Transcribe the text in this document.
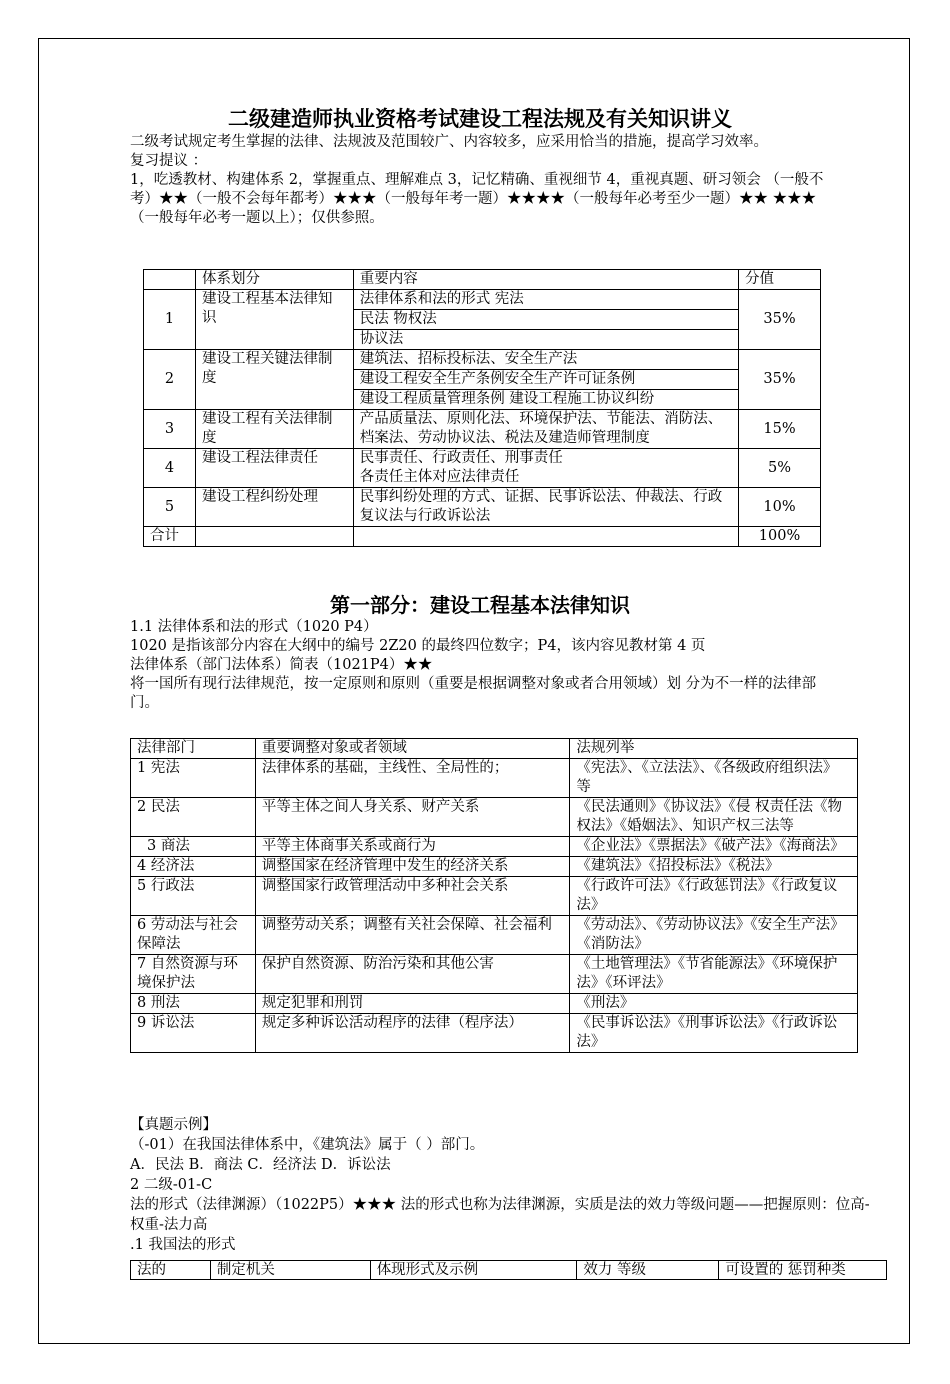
二级建造师执业资格考试建设工程法规及有关知识讲义

二级考试规定考生掌握的法律、法规波及范围较广、内容较多，应采用恰当的措施，提高学习效率。

复习提议 ：

1，吃透教材、构建体系 2，掌握重点、理解难点 3，记忆精确、重视细节 4，重视真题、研习领会 （一般不考）★★（一般不会每年都考）★★★（一般每年考一题）★★★★（一般每年必考至少一题）★★ ★★★（一般每年必考一题以上）；仅供参照。

	体系划分	重要内容	分值
1	建设工程基本法律知识	法律体系和法的形式 宪法
民法 物权法
协议法	35%
2	建设工程关键法律制度	建筑法、招标投标法、安全生产法
建设工程安全生产条例安全生产许可证条例
建设工程质量管理条例 建设工程施工协议纠纷	35%
3	建设工程有关法律制度	产品质量法、原则化法、环境保护法、节能法、消防法、档案法、劳动协议法、税法及建造师管理制度	15%
4	建设工程法律责任	民事责任、行政责任、刑事责任
各责任主体对应法律责任	5%
5	建设工程纠纷处理	民事纠纷处理的方式、证据、民事诉讼法、仲裁法、行政复议法与行政诉讼法	10%
合计			100%

第一部分：建设工程基本法律知识

1.1 法律体系和法的形式（1020 P4）

1020 是指该部分内容在大纲中的编号 2Z20 的最终四位数字；P4，该内容见教材第 4 页

法律体系（部门法体系）简表（1021P4）★★

将一国所有现行法律规范，按一定原则和原则（重要是根据调整对象或者合用领域）划 分为不一样的法律部门。

法律部门	重要调整对象或者领域	法规列举
1 宪法	法律体系的基础，主线性、全局性的；	《宪法》、《立法法》、《各级政府组织法》等
2 民法	平等主体之间人身关系、财产关系	《民法通则》《协议法》《侵 权责任法《物权法》《婚姻法》、知识产权三法等
3 商法	平等主体商事关系或商行为	《企业法》《票据法》《破产法》《海商法》
4 经济法	调整国家在经济管理中发生的经济关系	《建筑法》《招投标法》《税法》
5 行政法	调整国家行政管理活动中多种社会关系	《行政许可法》《行政惩罚法》《行政复议法》
6 劳动法与社会保障法	调整劳动关系；调整有关社会保障、社会福利	《劳动法》、《劳动协议法》《安全生产法》《消防法》
7 自然资源与环境保护法	保护自然资源、防治污染和其他公害	《土地管理法》《节省能源法》《环境保护法》《环评法》
8 刑法	规定犯罪和刑罚	《刑法》
9 诉讼法	规定多种诉讼活动程序的法律（程序法）	《民事诉讼法》《刑事诉讼法》《行政诉讼法》

【真题示例】

（-01）在我国法律体系中，《建筑法》属于（ ）部门。

A．民法 B．商法 C．经济法 D．诉讼法

2 二级-01-C

法的形式（法律渊源）（1022P5）★★★ 法的形式也称为法律渊源，实质是法的效力等级问题——把握原则：位高-权重-法力高

.1 我国法的形式

法的	制定机关	体现形式及示例	效力 等级	可设置的 惩罚种类
